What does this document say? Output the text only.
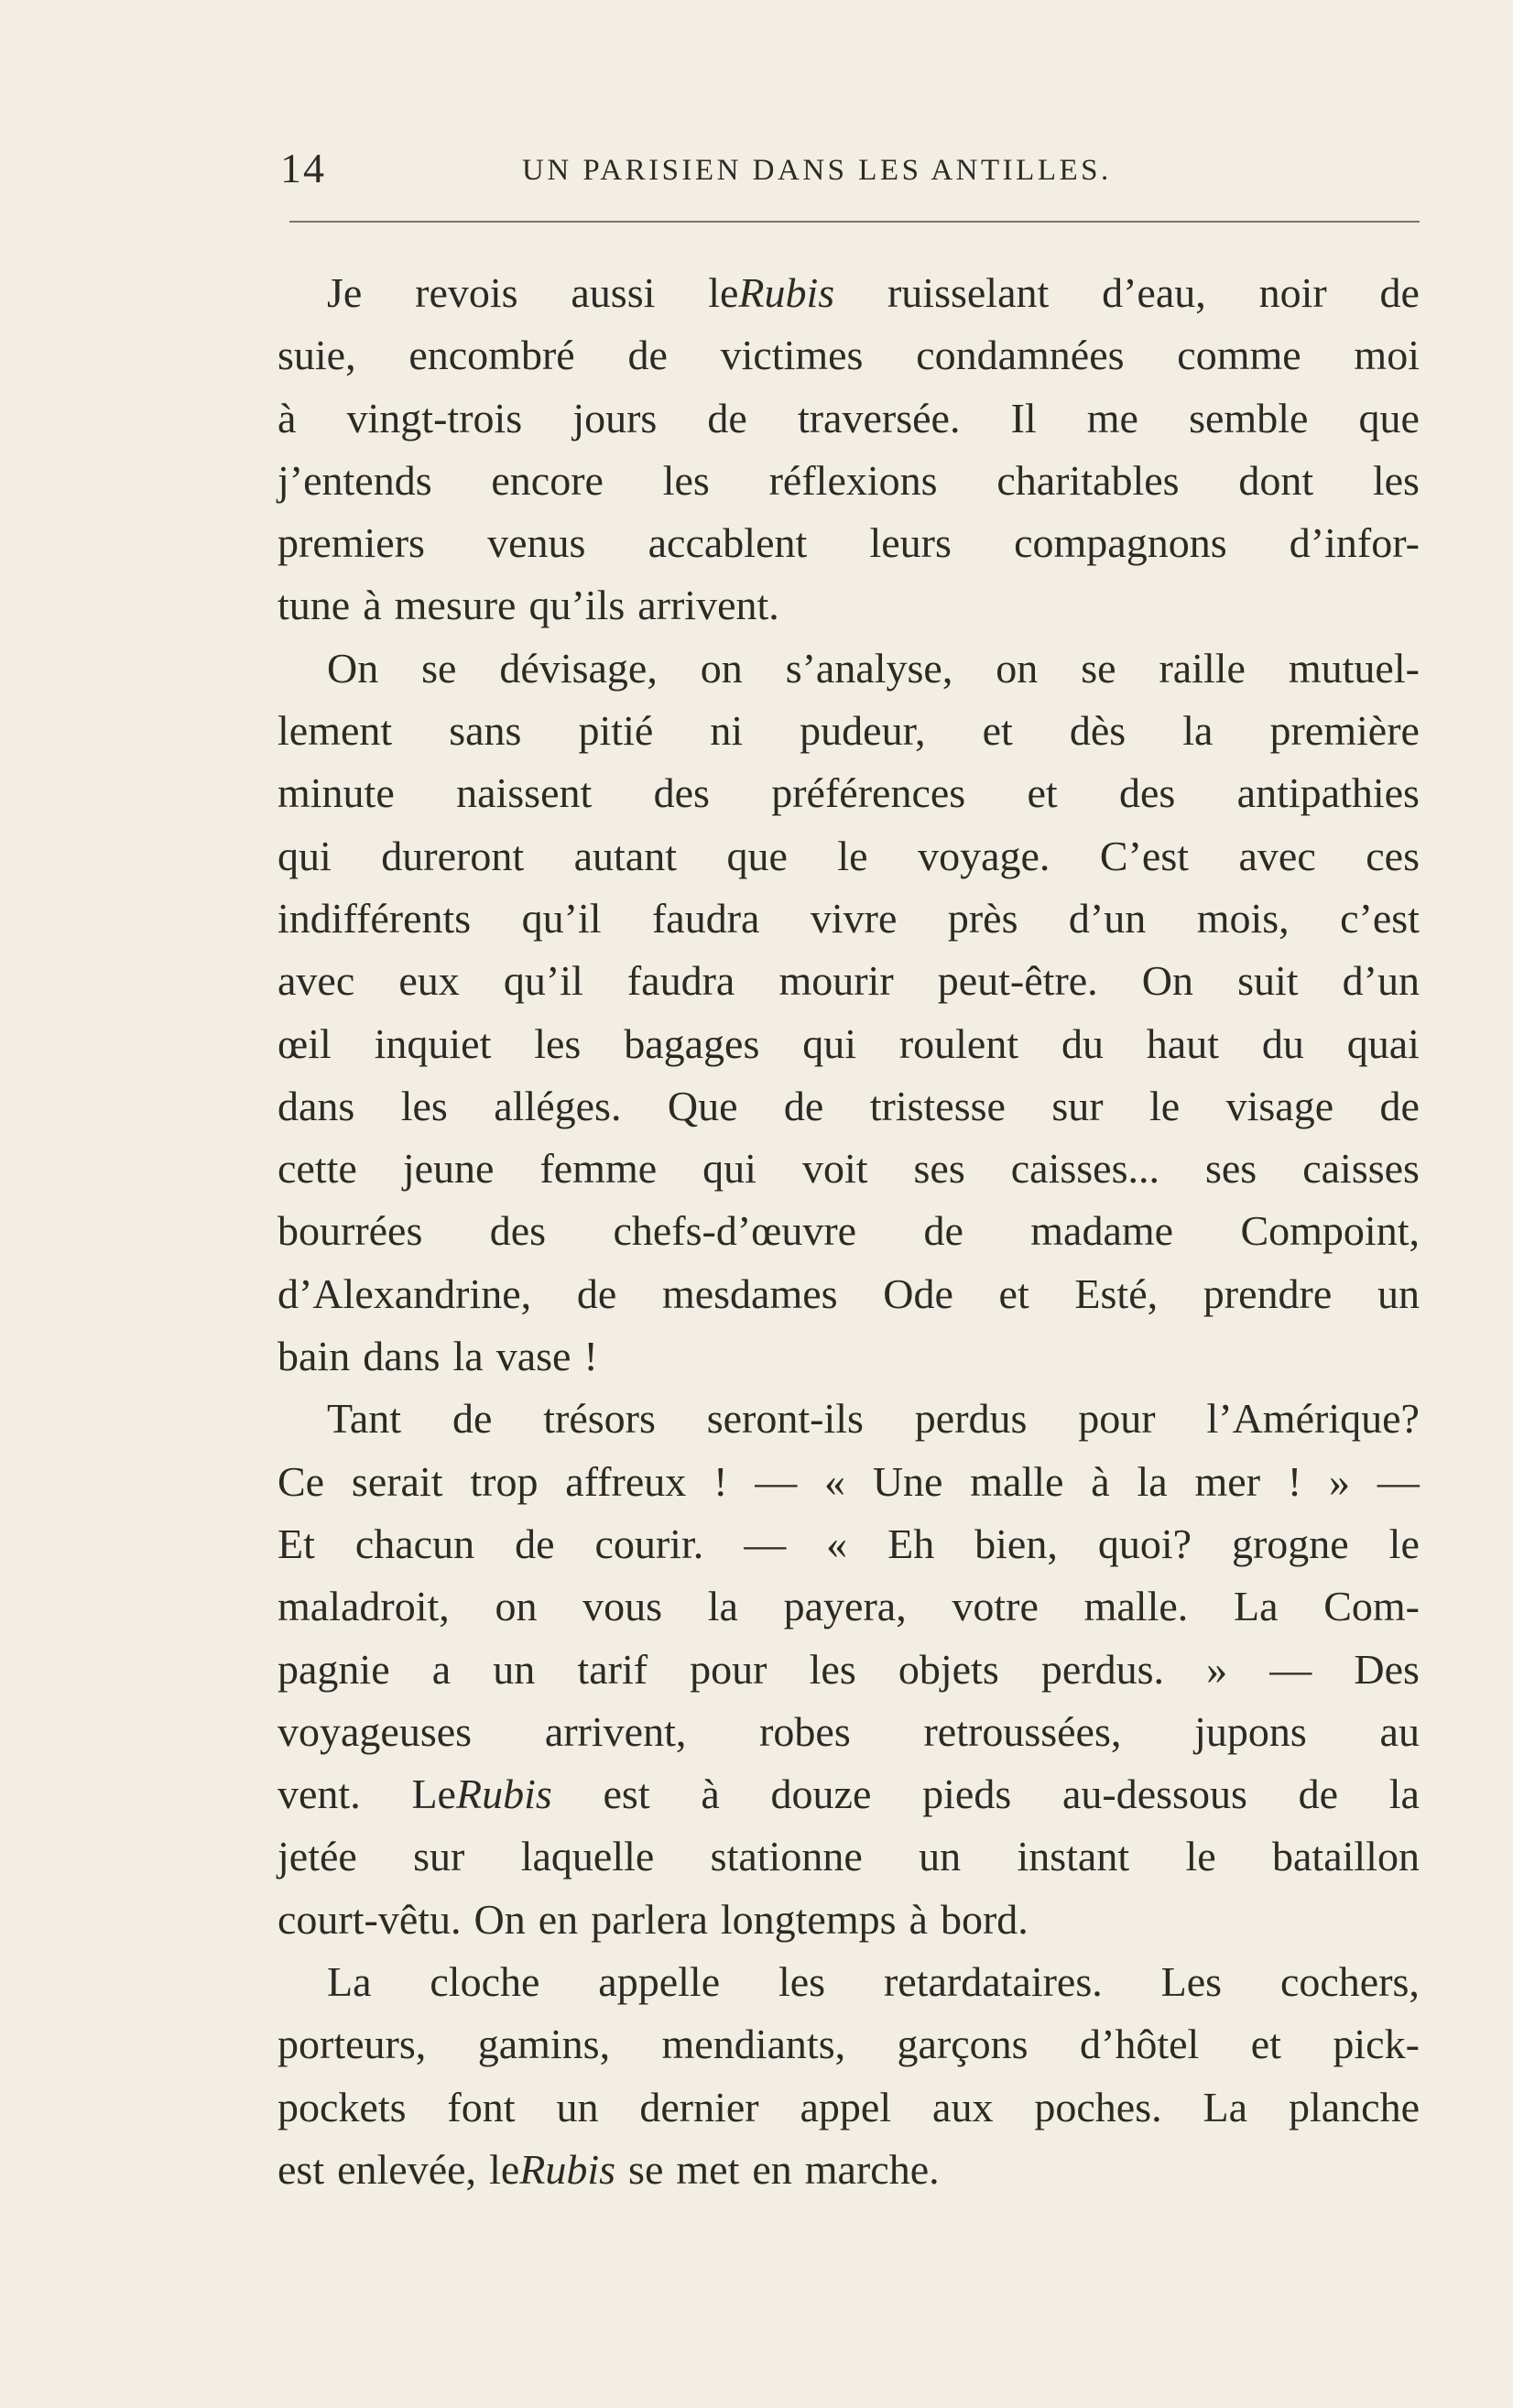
14	UN PARISIEN DANS LES ANTILLES.
Je revois aussi leRubis ruisselant d’eau, noir de
suie, encombré de victimes condamnées comme moi
à vingt-trois jours de traversée. Il me semble que
j’entends encore les réflexions charitables dont les
premiers venus accablent leurs compagnons d’infor-
tune à mesure qu’ils arrivent.
On se dévisage, on s’analyse, on se raille mutuel-
lement sans pitié ni pudeur, et dès la première
minute naissent des préférences et des antipathies
qui dureront autant que le voyage. C’est avec ces
indifférents qu’il faudra vivre près d’un mois, c’est
avec eux qu’il faudra mourir peut-être. On suit d’un
œil inquiet les bagages qui roulent du haut du quai
dans les alléges. Que de tristesse sur le visage de
cette jeune femme qui voit ses caisses... ses caisses
bourrées des chefs-d’œuvre de madame Compoint,
d’Alexandrine, de mesdames Ode et Esté, prendre un
bain dans la vase !
Tant de trésors seront-ils perdus pour l’Amérique?
Ce serait trop affreux ! — « Une malle à la mer ! » —
Et chacun de courir. — « Eh bien, quoi? grogne le
maladroit, on vous la payera, votre malle. La Com-
pagnie a un tarif pour les objets perdus. » — Des
voyageuses arrivent, robes retroussées, jupons au
vent. LeRubis est à douze pieds au-dessous de la
jetée sur laquelle stationne un instant le bataillon
court-vêtu. On en parlera longtemps à bord.
La cloche appelle les retardataires. Les cochers,
porteurs, gamins, mendiants, garçons d’hôtel et pick-
pockets font un dernier appel aux poches. La planche
est enlevée, leRubis se met en marche.
